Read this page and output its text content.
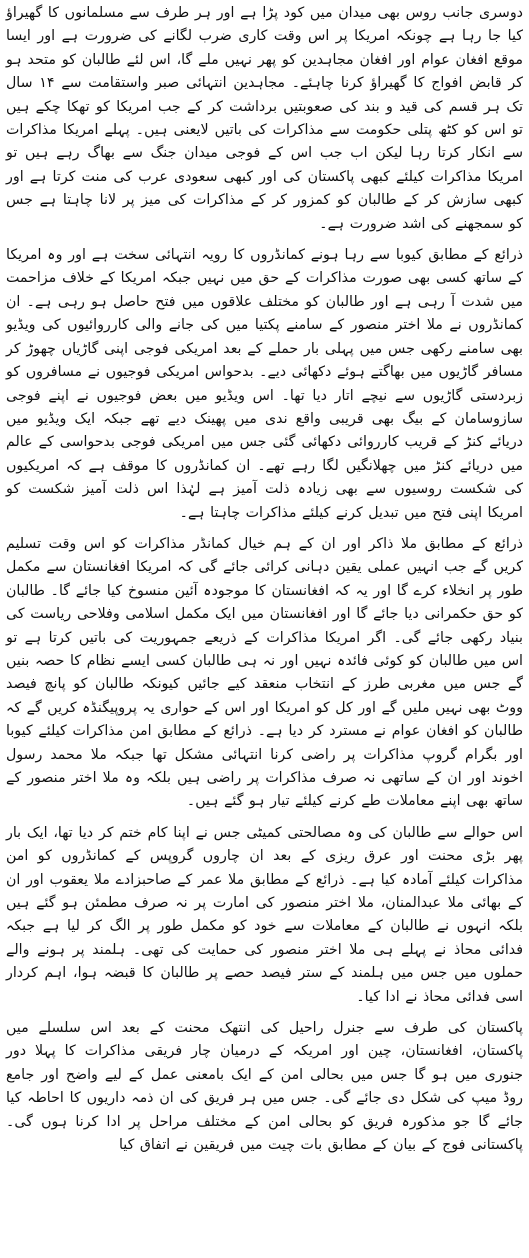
دوسری جانب روس بھی میدان میں کود پڑا ہے اور ہر طرف سے مسلمانوں کا گھیراؤ کیا جا رہا ہے چونکہ امریکا پر اس وقت کاری ضرب لگانے کی ضرورت ہے اور ایسا موقع افغان عوام اور افغان مجاہدین کو پھر نہیں ملے گا، اس لئے طالبان کو متحد ہو کر قابض افواج کا گھیراؤ کرنا چاہئے۔ مجاہدین انتہائی صبر واستقامت سے ۱۴ سال تک ہر قسم کی قید و بند کی صعوبتیں برداشت کر کے جب امریکا کو تھکا چکے ہیں تو اس کو کٹھ پتلی حکومت سے مذاکرات کی باتیں لایعنی ہیں۔ پہلے امریکا مذاکرات سے انکار کرتا رہا لیکن اب جب اس کے فوجی میدان جنگ سے بھاگ رہے ہیں تو امریکا مذاکرات کیلئے کبھی پاکستان کی اور کبھی سعودی عرب کی منت کرتا ہے اور کبھی سازش کر کے طالبان کو کمزور کر کے مذاکرات کی میز پر لانا چاہتا ہے جس کو سمجھنے کی اشد ضرورت ہے۔

ذرائع کے مطابق کیوبا سے رہا ہونے کمانڈروں کا رویہ انتہائی سخت ہے اور وہ امریکا کے ساتھ کسی بھی صورت مذاکرات کے حق میں نہیں جبکہ امریکا کے خلاف مزاحمت میں شدت آ رہی ہے اور طالبان کو مختلف علاقوں میں فتح حاصل ہو رہی ہے۔ ان کمانڈروں نے ملا اختر منصور کے سامنے پکتیا میں کی جانے والی کارروائیوں کی ویڈیو بھی سامنے رکھی جس میں پہلی بار حملے کے بعد امریکی فوجی اپنی گاڑیاں چھوڑ کر مسافر گاڑیوں میں بھاگتے ہوئے دکھائی دیے۔ بدحواس امریکی فوجیوں نے مسافروں کو زبردستی گاڑیوں سے نیچے اتار دیا تھا۔ اس ویڈیو میں بعض فوجیوں نے اپنے فوجی سازوسامان کے بیگ بھی قریبی واقع ندی میں پھینک دیے تھے جبکہ ایک ویڈیو میں دریائے کنڑ کے قریب کارروائی دکھائی گئی جس میں امریکی فوجی بدحواسی کے عالم میں دریائے کنڑ میں چھلانگیں لگا رہے تھے۔ ان کمانڈروں کا موقف ہے کہ امریکیوں کی شکست روسیوں سے بھی زیادہ ذلت آمیز ہے لہٰذا اس ذلت آمیز شکست کو امریکا اپنی فتح میں تبدیل کرنے کیلئے مذاکرات چاہتا ہے۔

ذرائع کے مطابق ملا ذاکر اور ان کے ہم خیال کمانڈر مذاکرات کو اس وقت تسلیم کریں گے جب انہیں عملی یقین دہانی کرائی جائے گی کہ امریکا افغانستان سے مکمل طور پر انخلاء کرے گا اور یہ کہ افغانستان کا موجودہ آئین منسوخ کیا جائے گا۔ طالبان کو حق حکمرانی دیا جائے گا اور افغانستان میں ایک مکمل اسلامی وفلاحی ریاست کی بنیاد رکھی جائے گی۔ اگر امریکا مذاکرات کے ذریعے جمہوریت کی باتیں کرتا ہے تو اس میں طالبان کو کوئی فائدہ نہیں اور نہ ہی طالبان کسی ایسے نظام کا حصہ بنیں گے جس میں مغربی طرز کے انتخاب منعقد کیے جائیں کیونکہ طالبان کو پانچ فیصد ووٹ بھی نہیں ملیں گے اور کل کو امریکا اور اس کے حواری یہ پروپیگنڈہ کریں گے کہ طالبان کو افغان عوام نے مسترد کر دیا ہے۔ ذرائع کے مطابق امن مذاکرات کیلئے کیوبا اور بگرام گروپ مذاکرات پر راضی کرنا انتہائی مشکل تھا جبکہ ملا محمد رسول اخوند اور ان کے ساتھی نہ صرف مذاکرات پر راضی ہیں بلکہ وہ ملا اختر منصور کے ساتھ بھی اپنے معاملات طے کرنے کیلئے تیار ہو گئے ہیں۔

اس حوالے سے طالبان کی وہ مصالحتی کمیٹی جس نے اپنا کام ختم کر دیا تھا، ایک بار پھر بڑی محنت اور عرق ریزی کے بعد ان چاروں گروپس کے کمانڈروں کو امن مذاکرات کیلئے آمادہ کیا ہے۔ ذرائع کے مطابق ملا عمر کے صاحبزادے ملا یعقوب اور ان کے بھائی ملا عبدالمنان، ملا اختر منصور کی امارت پر نہ صرف مطمئن ہو گئے ہیں بلکہ انہوں نے طالبان کے معاملات سے خود کو مکمل طور پر الگ کر لیا ہے جبکہ فدائی محاذ نے پہلے ہی ملا اختر منصور کی حمایت کی تھی۔ ہلمند پر ہونے والے حملوں میں جس میں ہلمند کے ستر فیصد حصے پر طالبان کا قبضہ ہوا، اہم کردار اسی فدائی محاذ نے ادا کیا۔

پاکستان کی طرف سے جنرل راحیل کی انتھک محنت کے بعد اس سلسلے میں پاکستان، افغانستان، چین اور امریکہ کے درمیان چار فریقی مذاکرات کا پہلا دور جنوری میں ہو گا جس میں بحالی امن کے ایک بامعنی عمل کے لیے واضح اور جامع روڈ میپ کی شکل دی جائے گی۔ جس میں ہر فریق کی ان ذمہ داریوں کا احاطہ کیا جائے گا جو مذکورہ فریق کو بحالی امن کے مختلف مراحل پر ادا کرنا ہوں گی۔ پاکستانی فوج کے بیان کے مطابق بات چیت میں فریقین نے اتفاق کیا
